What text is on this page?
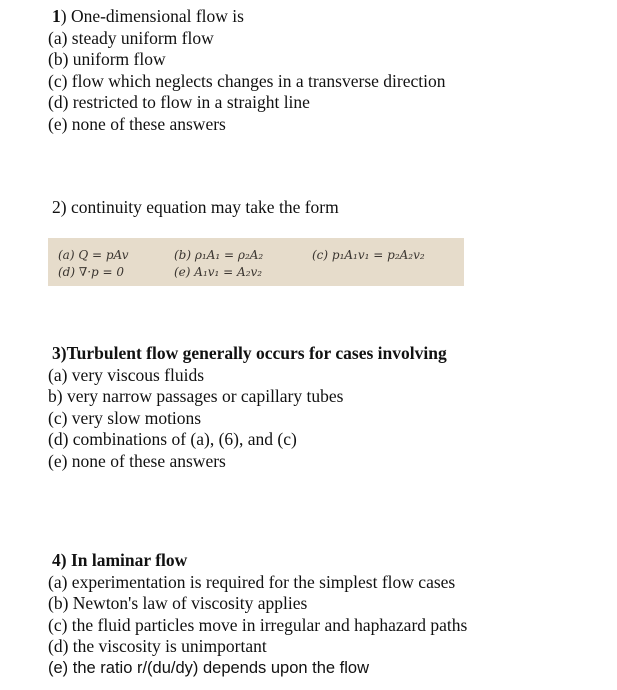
1) One-dimensional flow is
(a) steady uniform flow
(b) uniform flow
(c) flow which neglects changes in a transverse direction
(d) restricted to flow in a straight line
(e) none of these answers
2) continuity equation may take the form
(a) Q = pAv	(b) ρ₁A₁ = ρ₂A₂	(c) p₁A₁v₁ = p₂A₂v₂
(d) ∇·p = 0	(e) A₁v₁ = A₂v₂
3)Turbulent flow generally occurs for cases involving
(a) very viscous fluids
b) very narrow passages or capillary tubes
(c) very slow motions
(d) combinations of (a), (6), and (c)
(e) none of these answers
4) In laminar flow
(a) experimentation is required for the simplest flow cases
(b) Newton's law of viscosity applies
(c) the fluid particles move in irregular and haphazard paths
(d) the viscosity is unimportant
(e) the ratio r/(du/dy) depends upon the flow
